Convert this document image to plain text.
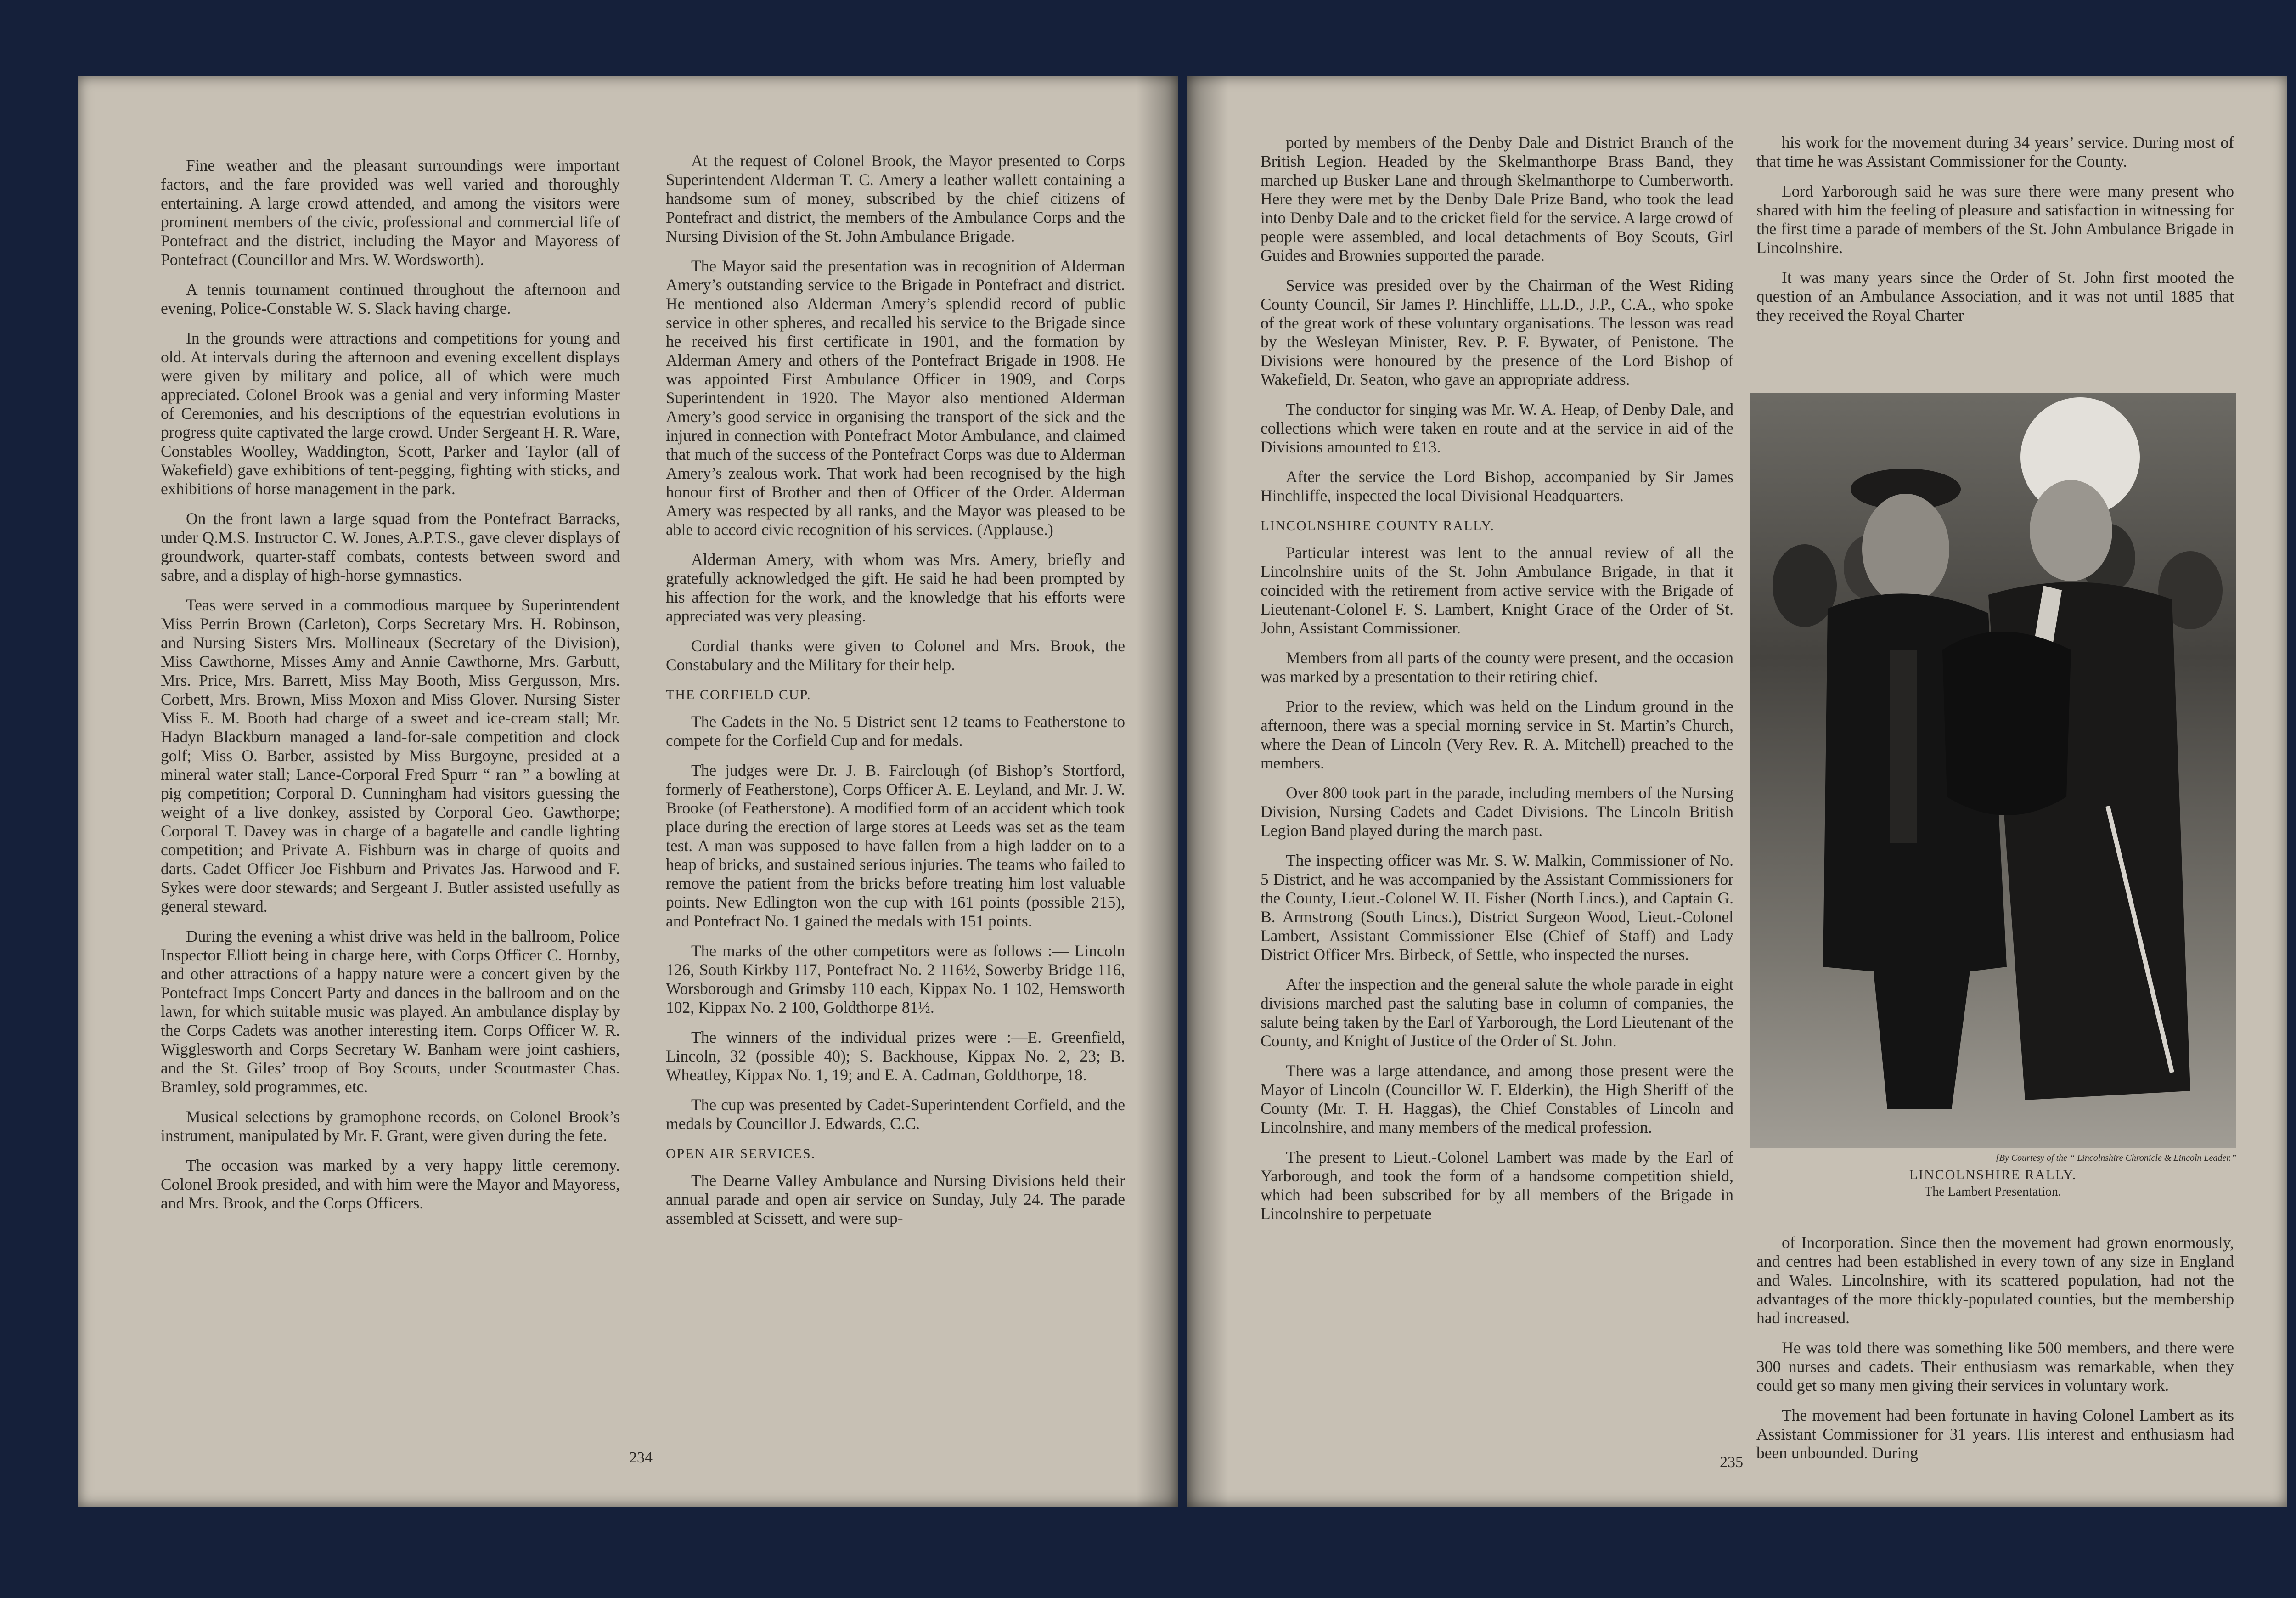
Fine weather and the pleasant surroundings were important factors, and the fare provided was well varied and thoroughly entertaining. A large crowd attended, and among the visitors were prominent members of the civic, professional and commercial life of Pontefract and the district, including the Mayor and Mayoress of Pontefract (Councillor and Mrs. W. Wordsworth).

A tennis tournament continued throughout the afternoon and evening, Police-Constable W. S. Slack having charge.

In the grounds were attractions and competitions for young and old. At intervals during the afternoon and evening excellent displays were given by military and police, all of which were much appreciated. Colonel Brook was a genial and very informing Master of Ceremonies, and his descriptions of the equestrian evolutions in progress quite captivated the large crowd. Under Sergeant H. R. Ware, Constables Woolley, Waddington, Scott, Parker and Taylor (all of Wakefield) gave exhibitions of tent-pegging, fighting with sticks, and exhibitions of horse management in the park.

On the front lawn a large squad from the Pontefract Barracks, under Q.M.S. Instructor C. W. Jones, A.P.T.S., gave clever displays of groundwork, quarter-staff combats, contests between sword and sabre, and a display of high-horse gymnastics.

Teas were served in a commodious marquee by Superintendent Miss Perrin Brown (Carleton), Corps Secretary Mrs. H. Robinson, and Nursing Sisters Mrs. Mollineaux (Secretary of the Division), Miss Cawthorne, Misses Amy and Annie Cawthorne, Mrs. Garbutt, Mrs. Price, Mrs. Barrett, Miss May Booth, Miss Gergusson, Mrs. Corbett, Mrs. Brown, Miss Moxon and Miss Glover. Nursing Sister Miss E. M. Booth had charge of a sweet and ice-cream stall; Mr. Hadyn Blackburn managed a land-for-sale competition and clock golf; Miss O. Barber, assisted by Miss Burgoyne, presided at a mineral water stall; Lance-Corporal Fred Spurr “ ran ” a bowling at pig competition; Corporal D. Cunningham had visitors guessing the weight of a live donkey, assisted by Corporal Geo. Gawthorpe; Corporal T. Davey was in charge of a bagatelle and candle lighting competition; and Private A. Fishburn was in charge of quoits and darts. Cadet Officer Joe Fishburn and Privates Jas. Harwood and F. Sykes were door stewards; and Sergeant J. Butler assisted usefully as general steward.

During the evening a whist drive was held in the ballroom, Police Inspector Elliott being in charge here, with Corps Officer C. Hornby, and other attractions of a happy nature were a concert given by the Pontefract Imps Concert Party and dances in the ballroom and on the lawn, for which suitable music was played. An ambulance display by the Corps Cadets was another interesting item. Corps Officer W. R. Wigglesworth and Corps Secretary W. Banham were joint cashiers, and the St. Giles’ troop of Boy Scouts, under Scoutmaster Chas. Bramley, sold programmes, etc.

Musical selections by gramophone records, on Colonel Brook’s instrument, manipulated by Mr. F. Grant, were given during the fete.

The occasion was marked by a very happy little ceremony. Colonel Brook presided, and with him were the Mayor and Mayoress, and Mrs. Brook, and the Corps Officers.

At the request of Colonel Brook, the Mayor presented to Corps Superintendent Alderman T. C. Amery a leather wallett containing a handsome sum of money, subscribed by the chief citizens of Pontefract and district, the members of the Ambulance Corps and the Nursing Division of the St. John Ambulance Brigade.

The Mayor said the presentation was in recognition of Alderman Amery’s outstanding service to the Brigade in Pontefract and district. He mentioned also Alderman Amery’s splendid record of public service in other spheres, and recalled his service to the Brigade since he received his first certificate in 1901, and the formation by Alderman Amery and others of the Pontefract Brigade in 1908. He was appointed First Ambulance Officer in 1909, and Corps Superintendent in 1920. The Mayor also mentioned Alderman Amery’s good service in organising the transport of the sick and the injured in connection with Pontefract Motor Ambulance, and claimed that much of the success of the Pontefract Corps was due to Alderman Amery’s zealous work. That work had been recognised by the high honour first of Brother and then of Officer of the Order. Alderman Amery was respected by all ranks, and the Mayor was pleased to be able to accord civic recognition of his services. (Applause.)

Alderman Amery, with whom was Mrs. Amery, briefly and gratefully acknowledged the gift. He said he had been prompted by his affection for the work, and the knowledge that his efforts were appreciated was very pleasing.

Cordial thanks were given to Colonel and Mrs. Brook, the Constabulary and the Military for their help.

THE CORFIELD CUP.

The Cadets in the No. 5 District sent 12 teams to Featherstone to compete for the Corfield Cup and for medals.

The judges were Dr. J. B. Fairclough (of Bishop’s Stortford, formerly of Featherstone), Corps Officer A. E. Leyland, and Mr. J. W. Brooke (of Featherstone). A modified form of an accident which took place during the erection of large stores at Leeds was set as the team test. A man was supposed to have fallen from a high ladder on to a heap of bricks, and sustained serious injuries. The teams who failed to remove the patient from the bricks before treating him lost valuable points. New Edlington won the cup with 161 points (possible 215), and Pontefract No. 1 gained the medals with 151 points.

The marks of the other competitors were as follows :— Lincoln 126, South Kirkby 117, Pontefract No. 2 116½, Sowerby Bridge 116, Worsborough and Grimsby 110 each, Kippax No. 1 102, Hemsworth 102, Kippax No. 2 100, Goldthorpe 81½.

The winners of the individual prizes were :—E. Greenfield, Lincoln, 32 (possible 40); S. Backhouse, Kippax No. 2, 23; B. Wheatley, Kippax No. 1, 19; and E. A. Cadman, Goldthorpe, 18.

The cup was presented by Cadet-Superintendent Corfield, and the medals by Councillor J. Edwards, C.C.

OPEN AIR SERVICES.

The Dearne Valley Ambulance and Nursing Divisions held their annual parade and open air service on Sunday, July 24. The parade assembled at Scissett, and were sup-

234

ported by members of the Denby Dale and District Branch of the British Legion. Headed by the Skelmanthorpe Brass Band, they marched up Busker Lane and through Skelmanthorpe to Cumberworth. Here they were met by the Denby Dale Prize Band, who took the lead into Denby Dale and to the cricket field for the service. A large crowd of people were assembled, and local detachments of Boy Scouts, Girl Guides and Brownies supported the parade.

Service was presided over by the Chairman of the West Riding County Council, Sir James P. Hinchliffe, LL.D., J.P., C.A., who spoke of the great work of these voluntary organisations. The lesson was read by the Wesleyan Minister, Rev. P. F. Bywater, of Penistone. The Divisions were honoured by the presence of the Lord Bishop of Wakefield, Dr. Seaton, who gave an appropriate address.

The conductor for singing was Mr. W. A. Heap, of Denby Dale, and collections which were taken en route and at the service in aid of the Divisions amounted to £13.

After the service the Lord Bishop, accompanied by Sir James Hinchliffe, inspected the local Divisional Headquarters.

LINCOLNSHIRE COUNTY RALLY.

Particular interest was lent to the annual review of all the Lincolnshire units of the St. John Ambulance Brigade, in that it coincided with the retirement from active service with the Brigade of Lieutenant-Colonel F. S. Lambert, Knight Grace of the Order of St. John, Assistant Commissioner.

Members from all parts of the county were present, and the occasion was marked by a presentation to their retiring chief.

Prior to the review, which was held on the Lindum ground in the afternoon, there was a special morning service in St. Martin’s Church, where the Dean of Lincoln (Very Rev. R. A. Mitchell) preached to the members.

Over 800 took part in the parade, including members of the Nursing Division, Nursing Cadets and Cadet Divisions. The Lincoln British Legion Band played during the march past.

The inspecting officer was Mr. S. W. Malkin, Commissioner of No. 5 District, and he was accompanied by the Assistant Commissioners for the County, Lieut.-Colonel W. H. Fisher (North Lincs.), and Captain G. B. Armstrong (South Lincs.), District Surgeon Wood, Lieut.-Colonel Lambert, Assistant Commissioner Else (Chief of Staff) and Lady District Officer Mrs. Birbeck, of Settle, who inspected the nurses.

After the inspection and the general salute the whole parade in eight divisions marched past the saluting base in column of companies, the salute being taken by the Earl of Yarborough, the Lord Lieutenant of the County, and Knight of Justice of the Order of St. John.

There was a large attendance, and among those present were the Mayor of Lincoln (Councillor W. F. Elderkin), the High Sheriff of the County (Mr. T. H. Haggas), the Chief Constables of Lincoln and Lincolnshire, and many members of the medical profession.

The present to Lieut.-Colonel Lambert was made by the Earl of Yarborough, and took the form of a handsome competition shield, which had been subscribed for by all members of the Brigade in Lincolnshire to perpetuate

his work for the movement during 34 years’ service. During most of that time he was Assistant Commissioner for the County.

Lord Yarborough said he was sure there were many present who shared with him the feeling of pleasure and satisfaction in witnessing for the first time a parade of members of the St. John Ambulance Brigade in Lincolnshire.

It was many years since the Order of St. John first mooted the question of an Ambulance Association, and it was not until 1885 that they received the Royal Charter

[By Courtesy of the “ Lincolnshire Chronicle & Lincoln Leader.”
LINCOLNSHIRE RALLY.
The Lambert Presentation.

of Incorporation. Since then the movement had grown enormously, and centres had been established in every town of any size in England and Wales. Lincolnshire, with its scattered population, had not the advantages of the more thickly-populated counties, but the membership had increased.

He was told there was something like 500 members, and there were 300 nurses and cadets. Their enthusiasm was remarkable, when they could get so many men giving their services in voluntary work.

The movement had been fortunate in having Colonel Lambert as its Assistant Commissioner for 31 years. His interest and enthusiasm had been unbounded. During

235
